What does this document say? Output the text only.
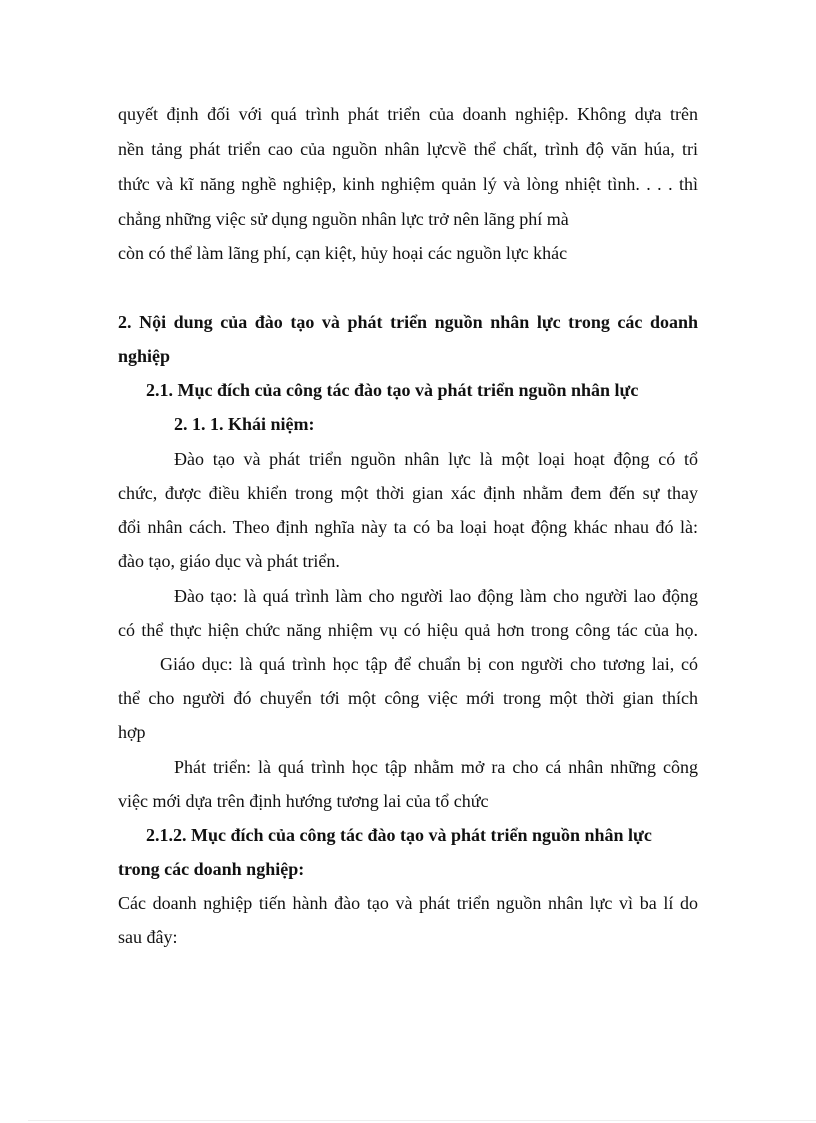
quyết định đối với quá trình phát triển của doanh nghiệp. Không dựa trên
nền tảng phát triển cao của nguồn nhân lựcvề thể chất, trình độ văn húa, tri
thức và kĩ năng nghề nghiệp, kinh nghiệm quản lý và lòng nhiệt tình. . . . thì
chẳng những việc sử dụng nguồn nhân lực trở nên lãng phí mà
còn có thể làm lãng phí, cạn kiệt, hủy hoại các nguồn lực khác
2. Nội dung của đào tạo và phát triển nguồn nhân lực trong các doanh
nghiệp
2.1. Mục đích của công tác đào tạo và phát triển nguồn nhân lực
2. 1. 1. Khái niệm:
Đào tạo và phát triển nguồn nhân lực là một loại hoạt động có tổ
chức, được điều khiển trong một thời gian xác định nhằm đem đến sự thay
đổi nhân cách. Theo định nghĩa này ta có ba loại hoạt động khác nhau đó là:
đào tạo, giáo dục và phát triển.
Đào tạo: là quá trình làm cho người lao động làm cho người lao động
có thể thực hiện chức năng nhiệm vụ có hiệu quả hơn trong công tác của họ.
Giáo dục: là quá trình học tập để chuẩn bị con người cho tương lai, có
thể cho người đó chuyển tới một công việc mới trong một thời gian thích
hợp
Phát triển: là quá trình học tập nhằm mở ra cho cá nhân những công
việc mới dựa trên định hướng tương lai của tổ chức
2.1.2. Mục đích của công tác đào tạo và phát triển nguồn nhân lực
trong các doanh nghiệp:
Các doanh nghiệp tiến hành đào tạo và phát triển nguồn nhân lực vì ba lí do
sau đây:
